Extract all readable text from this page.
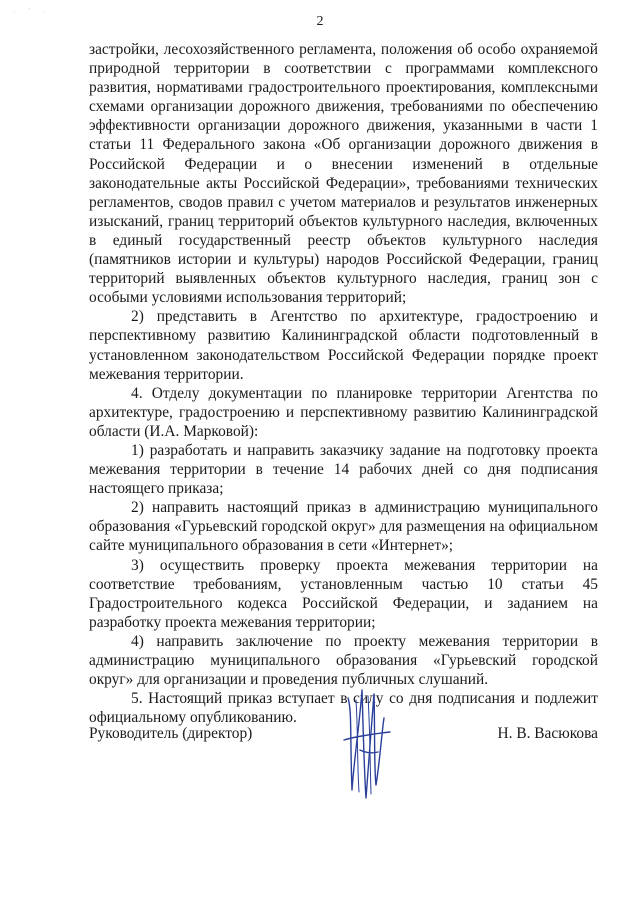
. ' .
2

застройки, лесохозяйственного регламента, положения об особо охраняемой природной территории в соответствии с программами комплексного развития, нормативами градостроительного проектирования, комплексными схемами организации дорожного движения, требованиями по обеспечению эффективности организации дорожного движения, указанными в части 1 статьи 11 Федерального закона «Об организации дорожного движения в Российской Федерации и о внесении изменений в отдельные законодательные акты Российской Федерации», требованиями технических регламентов, сводов правил с учетом материалов и результатов инженерных изысканий, границ территорий объектов культурного наследия, включенных в единый государственный реестр объектов культурного наследия (памятников истории и культуры) народов Российской Федерации, границ территорий выявленных объектов культурного наследия, границ зон с особыми условиями использования территорий;

2) представить в Агентство по архитектуре, градостроению и перспективному развитию Калининградской области подготовленный в установленном законодательством Российской Федерации порядке проект межевания территории.

4. Отделу документации по планировке территории Агентства по архитектуре, градостроению и перспективному развитию Калининградской области (И.А. Марковой):

1) разработать и направить заказчику задание на подготовку проекта межевания территории в течение 14 рабочих дней со дня подписания настоящего приказа;

2) направить настоящий приказ в администрацию муниципального образования «Гурьевский городской округ» для размещения на официальном сайте муниципального образования в сети «Интернет»;

3) осуществить проверку проекта межевания территории на соответствие требованиям, установленным частью 10 статьи 45 Градостроительного кодекса Российской Федерации, и заданием на разработку проекта межевания территории;

4) направить заключение по проекту межевания территории в администрацию муниципального образования «Гурьевский городской округ» для организации и проведения публичных слушаний.

5. Настоящий приказ вступает в силу со дня подписания и подлежит официальному опубликованию.

Руководитель (директор)	Н. В. Васюкова
